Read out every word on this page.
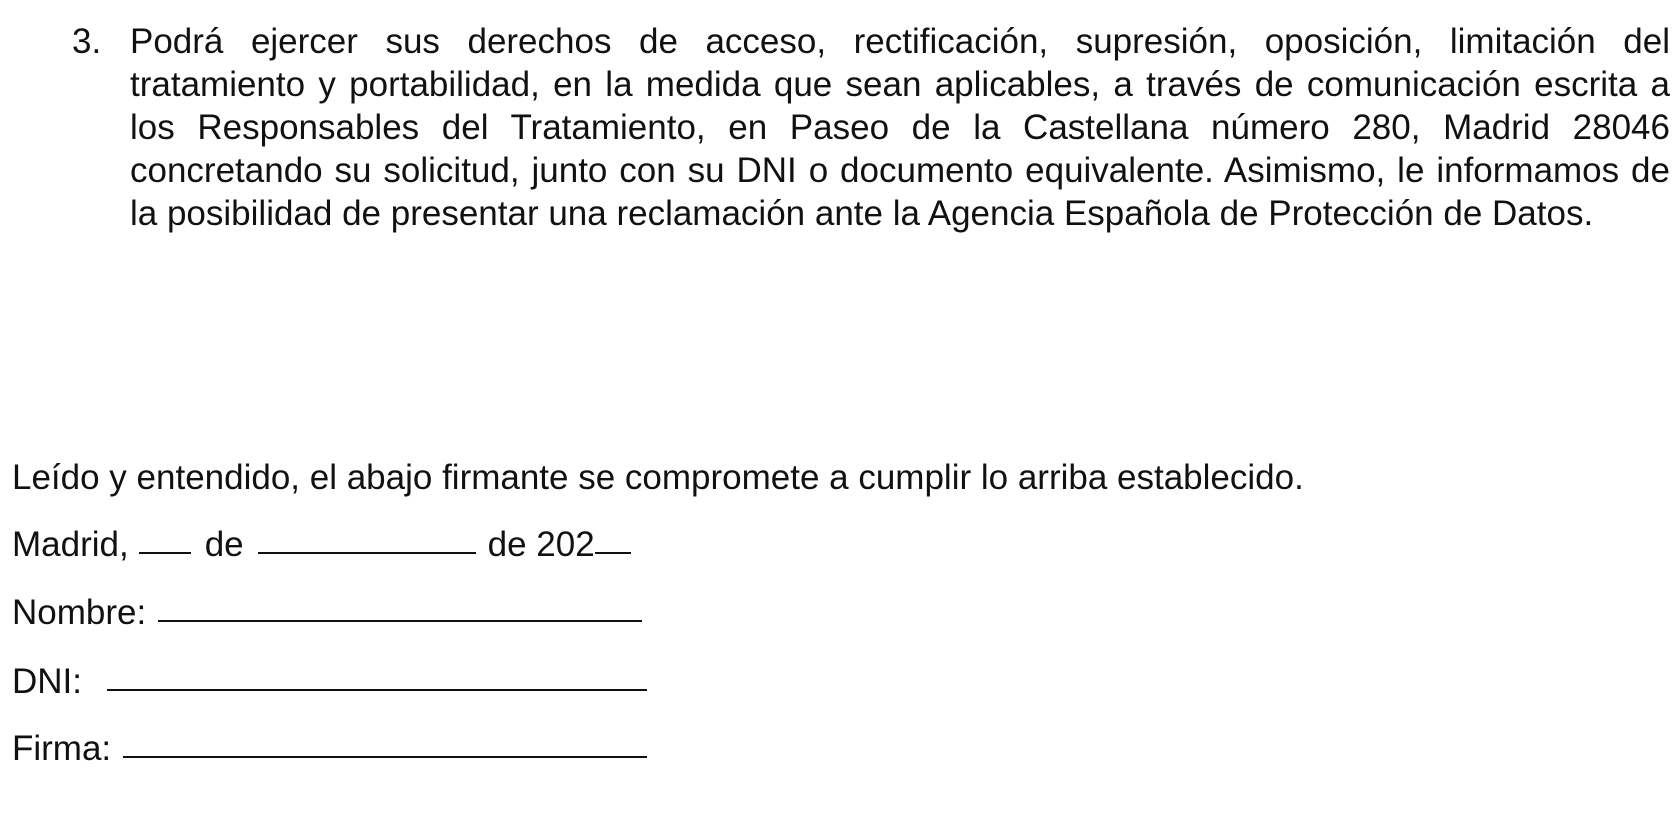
3. Podrá ejercer sus derechos de acceso, rectificación, supresión, oposición, limitación del tratamiento y portabilidad, en la medida que sean aplicables, a través de comunicación escrita a los Responsables del Tratamiento, en Paseo de la Castellana número 280, Madrid 28046 concretando su solicitud, junto con su DNI o documento equivalente. Asimismo, le informamos de la posibilidad de presentar una reclamación ante la Agencia Española de Protección de Datos.

Leído y entendido, el abajo firmante se compromete a cumplir lo arriba establecido.
Madrid, de	de 202
Nombre:
DNI:
Firma:
